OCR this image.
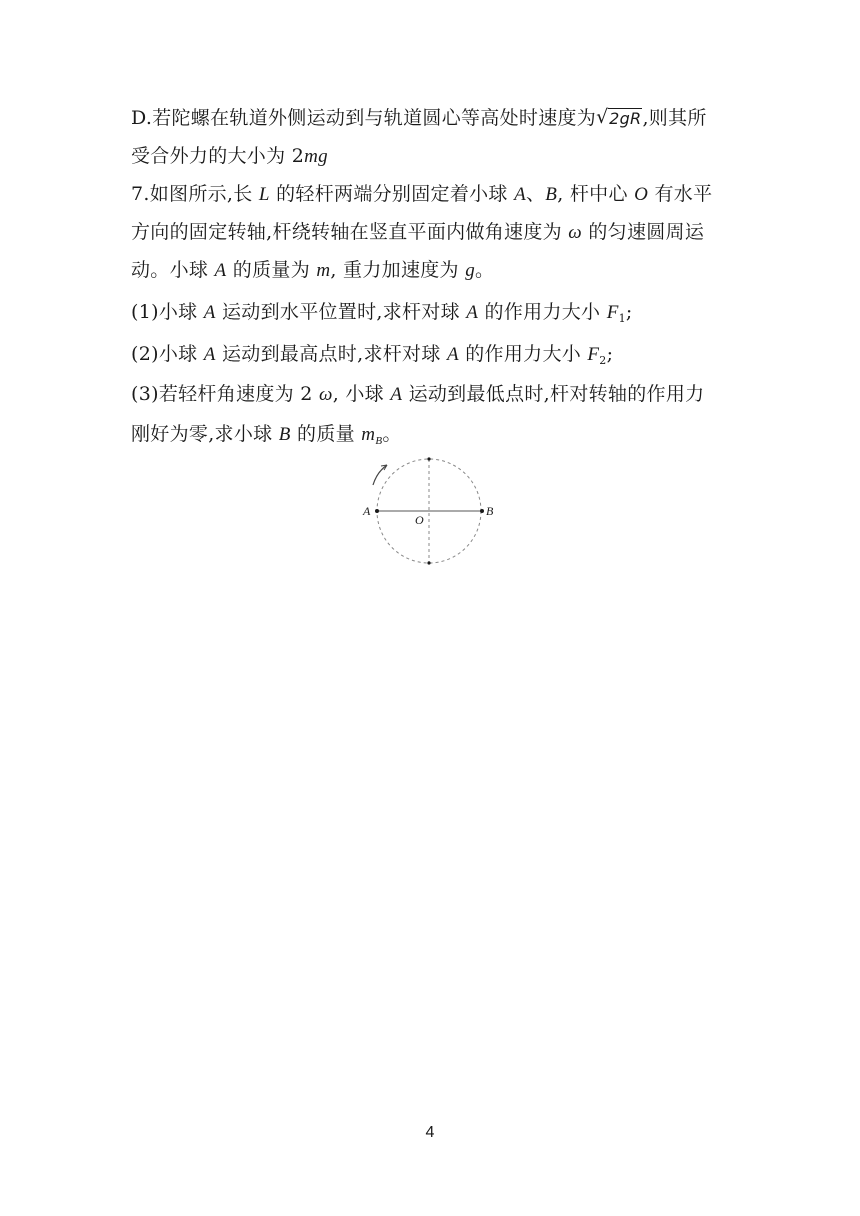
D.若陀螺在轨道外侧运动到与轨道圆心等高处时速度为 √ 2gR,则其所
受合外力的大小为 2mg
7.如图所示,长 L 的轻杆两端分别固定着小球 A、B, 杆中心 O 有水平
方向的固定转轴,杆绕转轴在竖直平面内做角速度为 ω 的匀速圆周运
动。小球 A 的质量为 m, 重力加速度为 g。
(1)小球 A 运动到水平位置时,求杆对球 A 的作用力大小 $F_1$;
(2)小球 A 运动到最高点时,求杆对球 A 的作用力大小 $F_2$;
(3)若轻杆角速度为 2 ω, 小球 A 运动到最低点时,杆对转轴的作用力
刚好为零,求小球 B 的质量 $m_B$。
A
O
B
4
